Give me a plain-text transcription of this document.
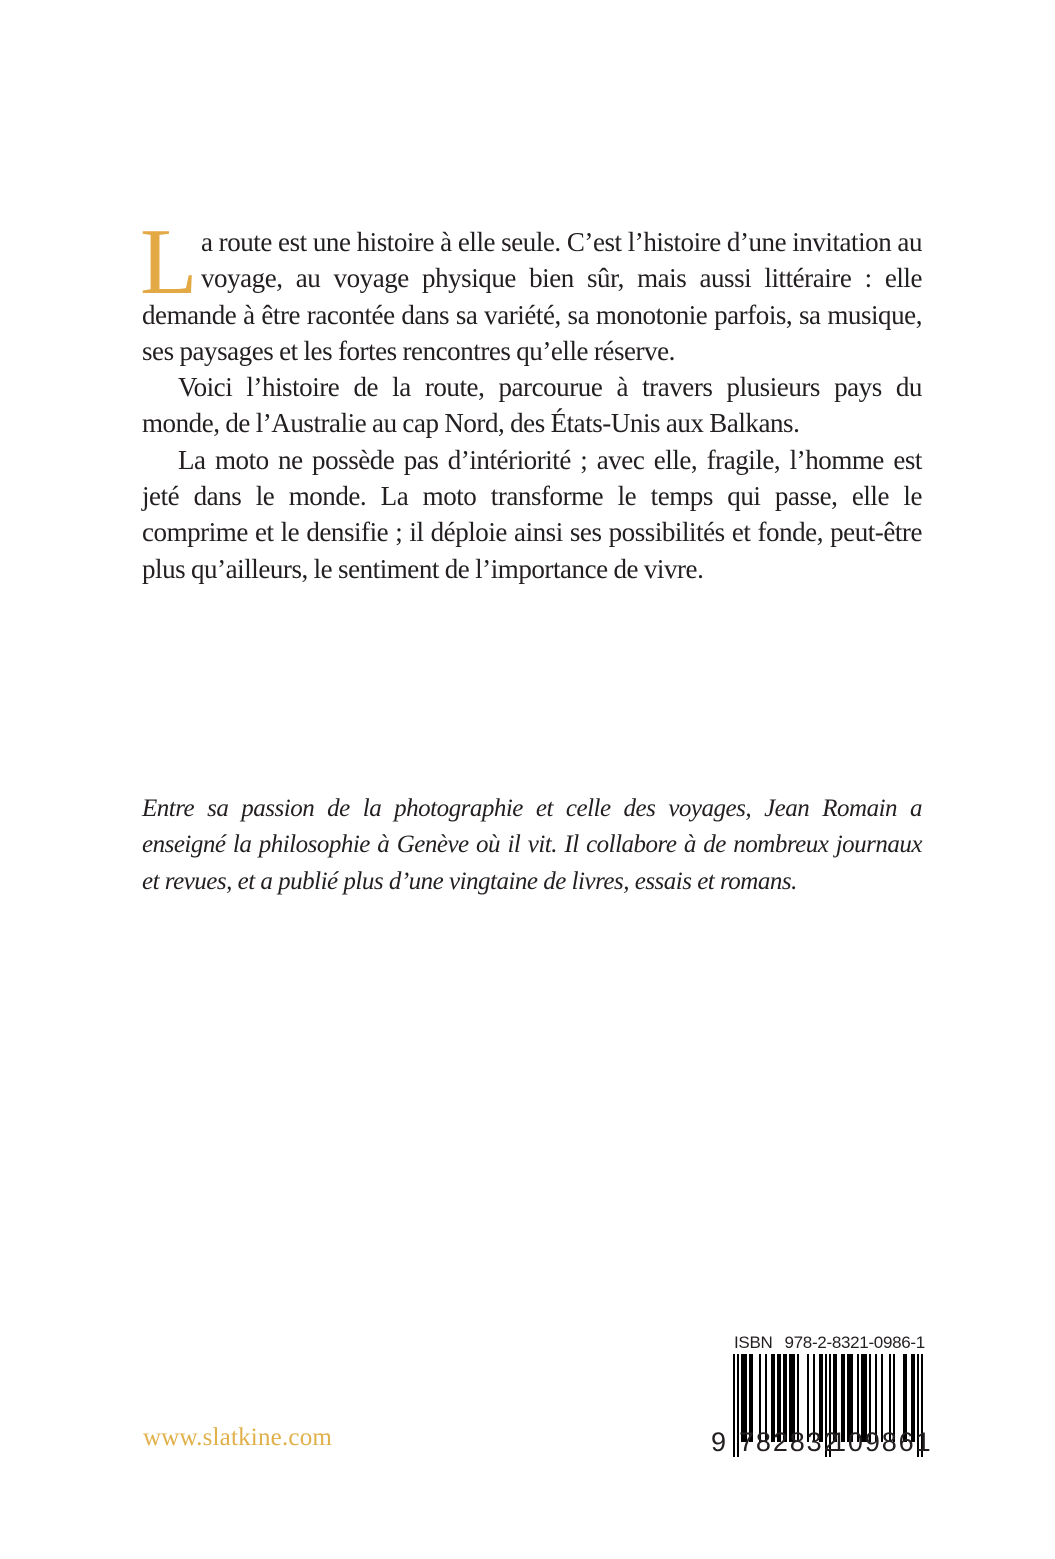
La route est une histoire à elle seule. C’est l’histoire d’une invitation au voyage, au voyage physique bien sûr, mais aussi littéraire : elle demande à être racontée dans sa variété, sa monotonie parfois, sa musique, ses paysages et les fortes rencontres qu’elle réserve.

Voici l’histoire de la route, parcourue à travers plusieurs pays du monde, de l’Australie au cap Nord, des États-Unis aux Balkans.

La moto ne possède pas d’intériorité ; avec elle, fragile, l’homme est jeté dans le monde. La moto transforme le temps qui passe, elle le comprime et le densifie ; il déploie ainsi ses possibilités et fonde, peut-être plus qu’ailleurs, le sentiment de l’importance de vivre.

Entre sa passion de la photographie et celle des voyages, Jean Romain a enseigné la philosophie à Genève où il vit. Il collabore à de nombreux journaux et revues, et a publié plus d’une vingtaine de livres, essais et romans.
www.slatkine.com
ISBN 978-2-8321-0986-1
9 782832
109861
